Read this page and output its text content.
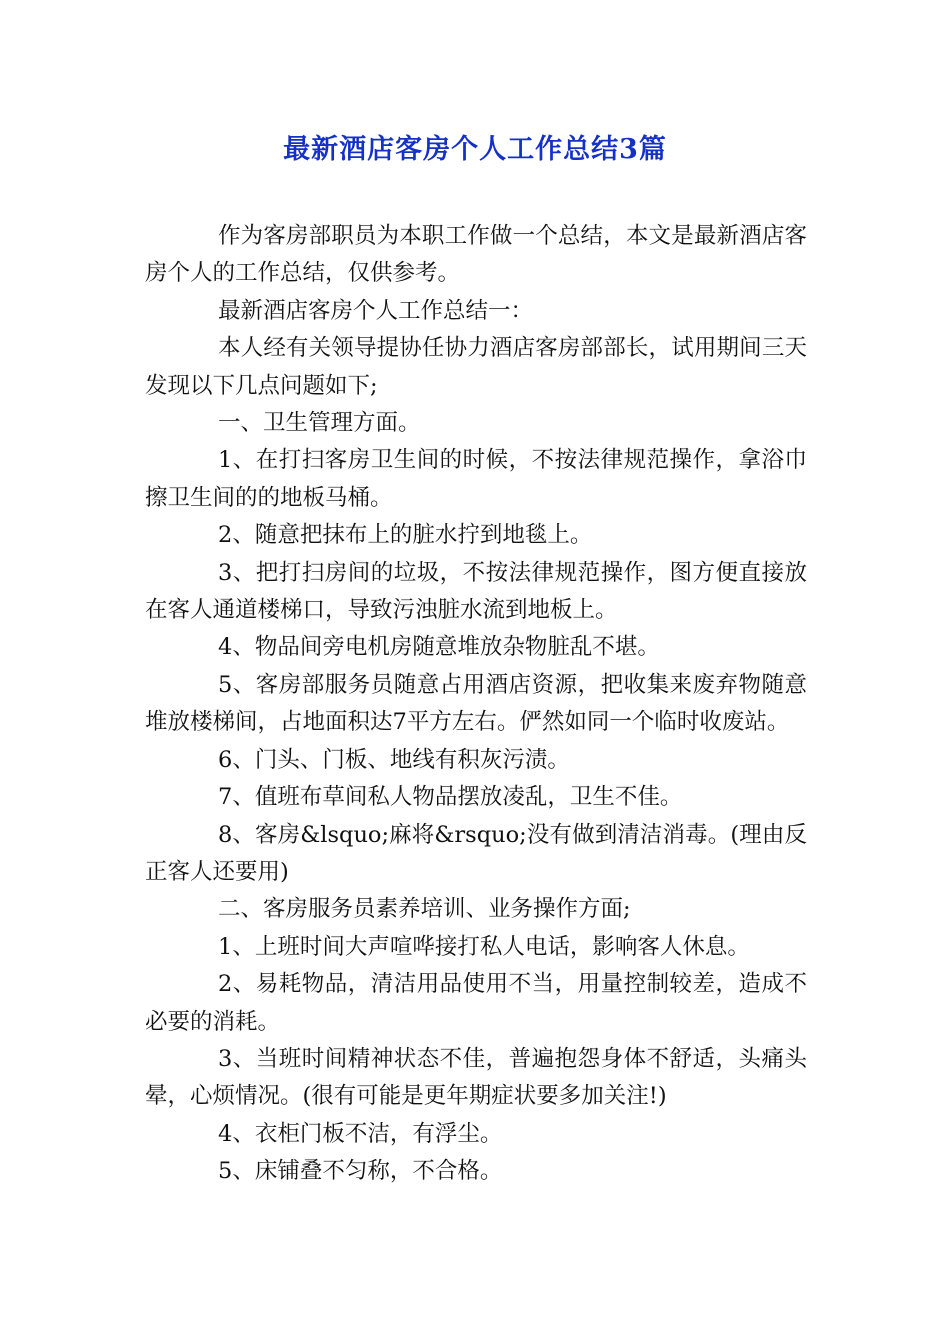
最新酒店客房个人工作总结3篇

作为客房部职员为本职工作做一个总结，本文是最新酒店客房个人的工作总结，仅供参考。

最新酒店客房个人工作总结一：

本人经有关领导提协任协力酒店客房部部长，试用期间三天发现以下几点问题如下;

一、卫生管理方面。

1、在打扫客房卫生间的时候，不按法律规范操作，拿浴巾擦卫生间的的地板马桶。

2、随意把抹布上的脏水拧到地毯上。

3、把打扫房间的垃圾，不按法律规范操作，图方便直接放在客人通道楼梯口，导致污浊脏水流到地板上。

4、物品间旁电机房随意堆放杂物脏乱不堪。

5、客房部服务员随意占用酒店资源，把收集来废弃物随意堆放楼梯间，占地面积达7平方左右。俨然如同一个临时收废站。

6、门头、门板、地线有积灰污渍。

7、值班布草间私人物品摆放凌乱，卫生不佳。

8、客房&lsquo;麻将&rsquo;没有做到清洁消毒。(理由反正客人还要用)

二、客房服务员素养培训、业务操作方面;

1、上班时间大声喧哗接打私人电话，影响客人休息。

2、易耗物品，清洁用品使用不当，用量控制较差，造成不必要的消耗。

3、当班时间精神状态不佳，普遍抱怨身体不舒适，头痛头晕，心烦情况。(很有可能是更年期症状要多加关注!)

4、衣柜门板不洁，有浮尘。

5、床铺叠不匀称，不合格。
